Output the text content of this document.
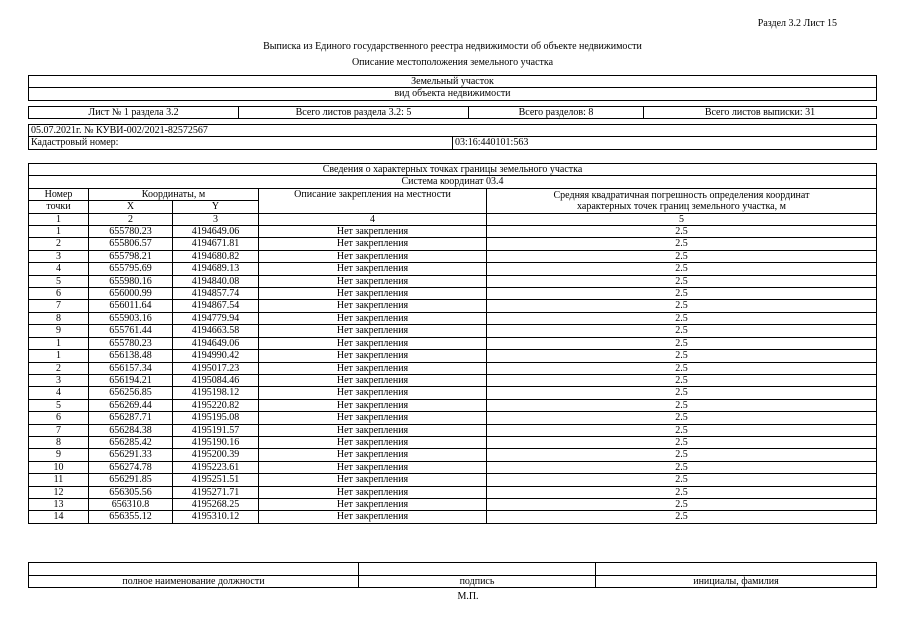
Раздел 3.2 Лист 15
Выписка из Единого государственного реестра недвижимости об объекте недвижимости
Описание местоположения земельного участка
Земельный участок
вид объекта недвижимости
Лист № 1 раздела 3.2	Всего листов раздела 3.2: 5	Всего разделов: 8	Всего листов выписки: 31
05.07.2021г. № КУВИ-002/2021-82572567
Кадастровый номер:	03:16:440101:563
Сведения о характерных точках границы земельного участка				
Система координат 03.4				
Номер	Координаты, м		Описание закрепления на местности	Средняя квадратичная погрешность определения координат характерных точек границ земельного участка, м
точки	X	Y		
1	2	3	4	5
1	655780.23	4194649.06	Нет закрепления	2.5
2	655806.57	4194671.81	Нет закрепления	2.5
3	655798.21	4194680.82	Нет закрепления	2.5
4	655795.69	4194689.13	Нет закрепления	2.5
5	655980.16	4194840.08	Нет закрепления	2.5
6	656000.99	4194857.74	Нет закрепления	2.5
7	656011.64	4194867.54	Нет закрепления	2.5
8	655903.16	4194779.94	Нет закрепления	2.5
9	655761.44	4194663.58	Нет закрепления	2.5
1	655780.23	4194649.06	Нет закрепления	2.5
1	656138.48	4194990.42	Нет закрепления	2.5
2	656157.34	4195017.23	Нет закрепления	2.5
3	656194.21	4195084.46	Нет закрепления	2.5
4	656256.85	4195198.12	Нет закрепления	2.5
5	656269.44	4195220.82	Нет закрепления	2.5
6	656287.71	4195195.08	Нет закрепления	2.5
7	656284.38	4195191.57	Нет закрепления	2.5
8	656285.42	4195190.16	Нет закрепления	2.5
9	656291.33	4195200.39	Нет закрепления	2.5
10	656274.78	4195223.61	Нет закрепления	2.5
11	656291.85	4195251.51	Нет закрепления	2.5
12	656305.56	4195271.71	Нет закрепления	2.5
13	656310.8	4195268.25	Нет закрепления	2.5
14	656355.12	4195310.12	Нет закрепления	2.5

полное наименование должности	подпись	инициалы, фамилия
М.П.
